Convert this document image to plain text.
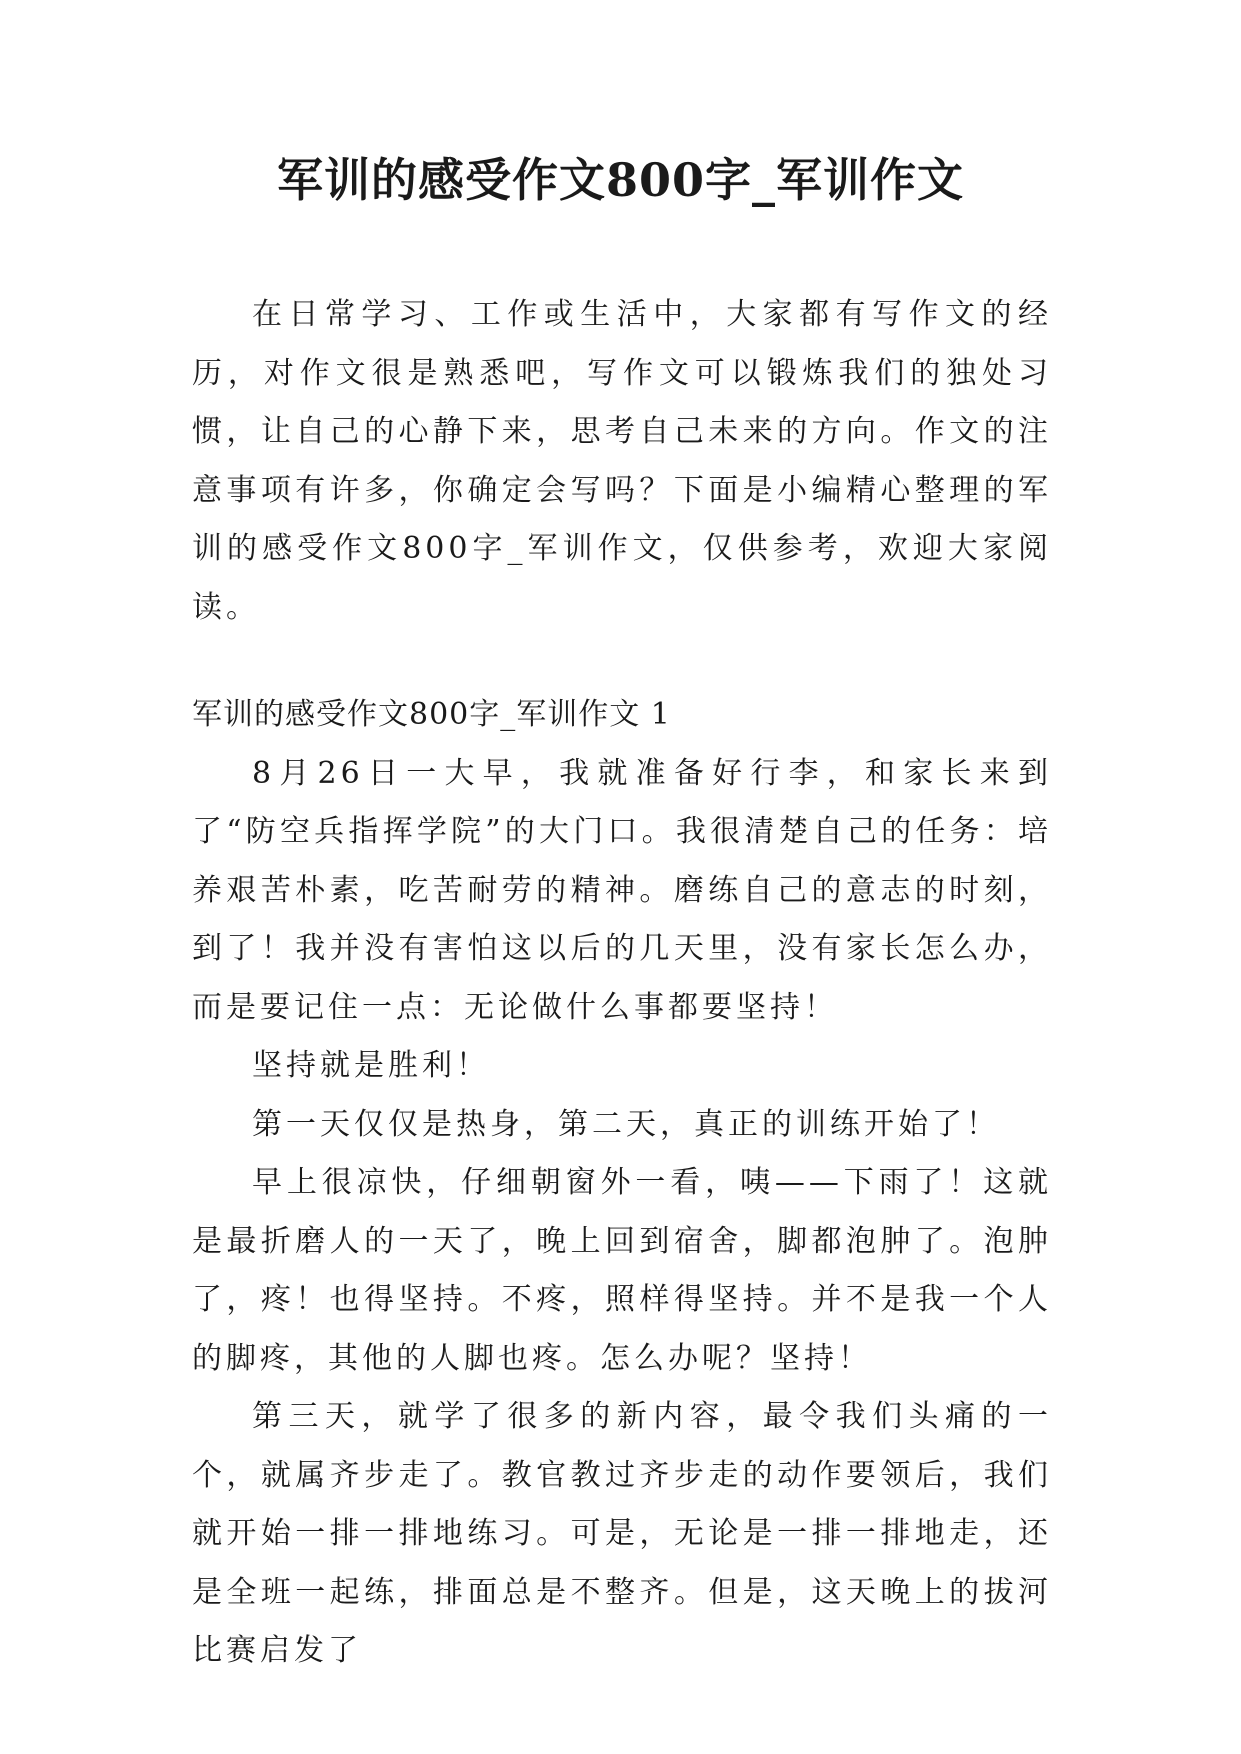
军训的感受作文800字_军训作文

在日常学习、工作或生活中，大家都有写作文的经历，对作文很是熟悉吧，写作文可以锻炼我们的独处习惯，让自己的心静下来，思考自己未来的方向。作文的注意事项有许多，你确定会写吗？下面是小编精心整理的军训的感受作文800字_军训作文，仅供参考，欢迎大家阅读。

军训的感受作文800字_军训作文 1

8月26日一大早，我就准备好行李，和家长来到了“防空兵指挥学院”的大门口。我很清楚自己的任务：培养艰苦朴素，吃苦耐劳的精神。磨练自己的意志的时刻，到了！我并没有害怕这以后的几天里，没有家长怎么办，而是要记住一点：无论做什么事都要坚持！

坚持就是胜利！

第一天仅仅是热身，第二天，真正的训练开始了！

早上很凉快，仔细朝窗外一看，咦——下雨了！这就是最折磨人的一天了，晚上回到宿舍，脚都泡肿了。泡肿了，疼！也得坚持。不疼，照样得坚持。并不是我一个人的脚疼，其他的人脚也疼。怎么办呢？坚持！

第三天，就学了很多的新内容，最令我们头痛的一个，就属齐步走了。教官教过齐步走的动作要领后，我们就开始一排一排地练习。可是，无论是一排一排地走，还是全班一起练，排面总是不整齐。但是，这天晚上的拔河比赛启发了
